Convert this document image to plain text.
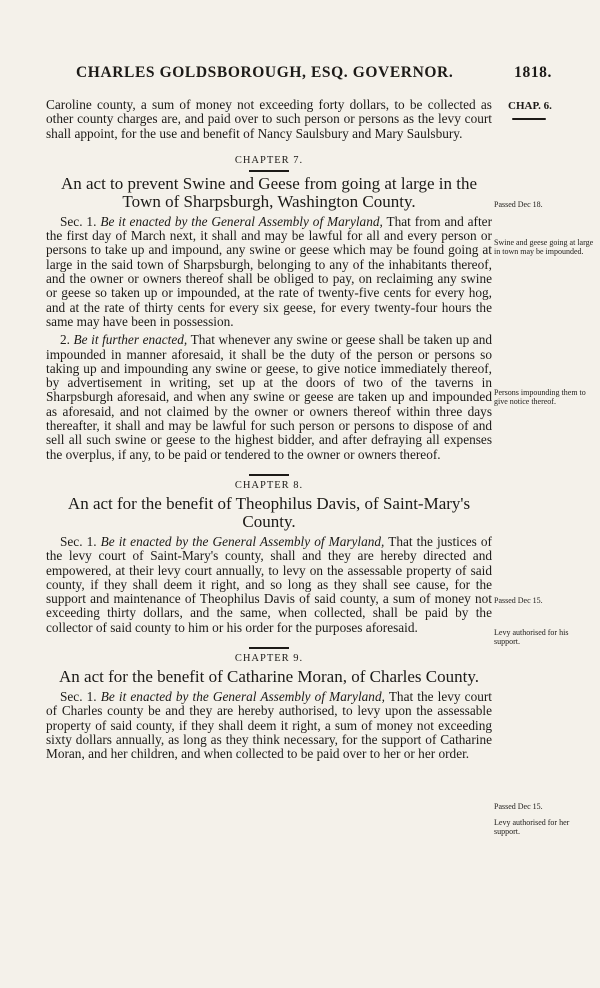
CHARLES GOLDSBOROUGH, ESQ. GOVERNOR.	1818.
CHAP. 6.

Caroline county, a sum of money not exceeding forty dollars, to be collected as other county charges are, and paid over to such person or persons as the levy court shall appoint, for the use and benefit of Nancy Saulsbury and Mary Saulsbury.

CHAPTER 7.

An act to prevent Swine and Geese from going at large in the Town of Sharpsburgh, Washington County.

Sec. 1. Be it enacted by the General Assembly of Maryland, That from and after the first day of March next, it shall and may be lawful for all and every person or persons to take up and impound, any swine or geese which may be found going at large in the said town of Sharpsburgh, belonging to any of the inhabitants thereof, and the owner or owners thereof shall be obliged to pay, on reclaiming any swine or geese so taken up or impounded, at the rate of twenty-five cents for every hog, and at the rate of thirty cents for every six geese, for every twenty-four hours the same may have been in possession.

2. Be it further enacted, That whenever any swine or geese shall be taken up and impounded in manner aforesaid, it shall be the duty of the person or persons so taking up and impounding any swine or geese, to give notice immediately thereof, by advertisement in writing, set up at the doors of two of the taverns in Sharpsburgh aforesaid, and when any swine or geese are taken up and impounded as aforesaid, and not claimed by the owner or owners thereof within three days thereafter, it shall and may be lawful for such person or persons to dispose of and sell all such swine or geese to the highest bidder, and after defraying all expenses the overplus, if any, to be paid or tendered to the owner or owners thereof.

CHAPTER 8.

An act for the benefit of Theophilus Davis, of Saint-Mary's County.

Sec. 1. Be it enacted by the General Assembly of Maryland, That the justices of the levy court of Saint-Mary's county, shall and they are hereby directed and empowered, at their levy court annually, to levy on the assessable property of said county, if they shall deem it right, and so long as they shall see cause, for the support and maintenance of Theophilus Davis of said county, a sum of money not exceeding thirty dollars, and the same, when collected, shall be paid by the collector of said county to him or his order for the purposes aforesaid.

CHAPTER 9.

An act for the benefit of Catharine Moran, of Charles County.

Sec. 1. Be it enacted by the General Assembly of Maryland, That the levy court of Charles county be and they are hereby authorised, to levy upon the assessable property of said county, if they shall deem it right, a sum of money not exceeding sixty dollars annually, as long as they think necessary, for the support of Catharine Moran, and her children, and when collected to be paid over to her or her order.

Passed Dec 18.
Swine and geese going at large in town may be impounded.
Persons impounding them to give notice thereof.
Passed Dec 15.
Levy authorised for his support.
Passed Dec 15.
Levy authorised for her support.
